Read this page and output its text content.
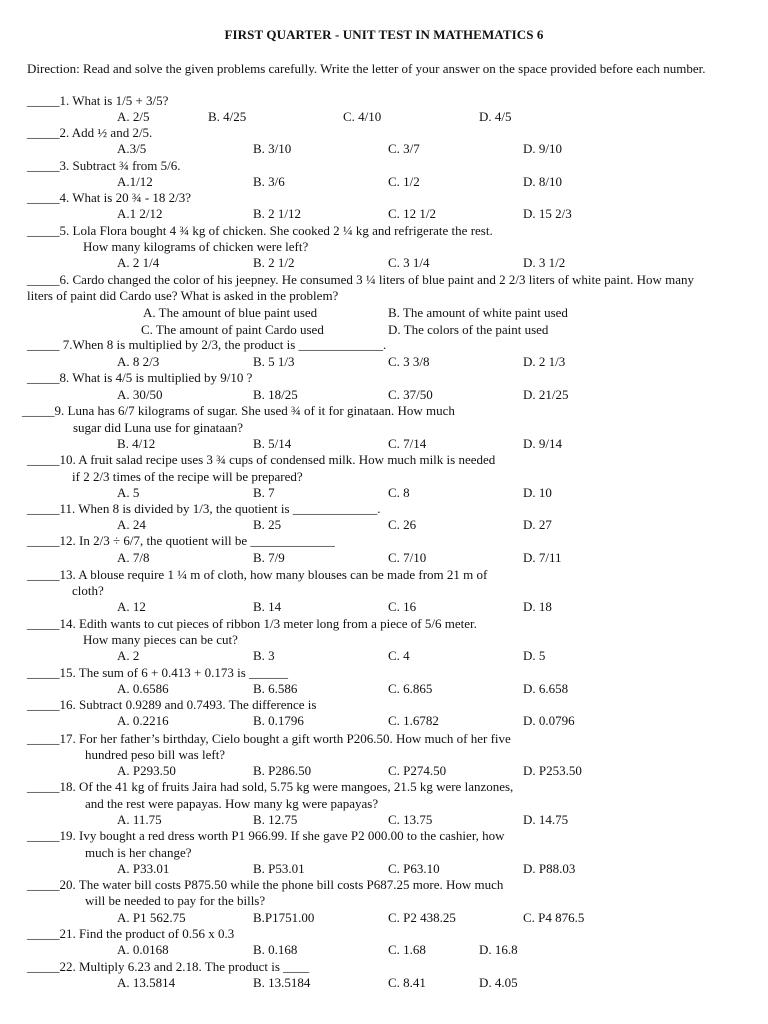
FIRST QUARTER - UNIT TEST IN MATHEMATICS 6
Direction: Read and solve the given problems carefully. Write the letter of your answer on the space provided before each number.
_____1. What is 1/5 + 3/5?
A. 2/5	B. 4/25	C. 4/10	D. 4/5
_____2. Add ½ and 2/5.
A.3/5	B. 3/10	C. 3/7	D. 9/10
_____3. Subtract ¾ from 5/6.
A.1/12	B. 3/6	C. 1/2	D. 8/10
_____4. What is 20 ¾ - 18 2/3?
A.1 2/12	B. 2 1/12	C. 12 1/2	D. 15 2/3
_____5. Lola Flora bought 4 ¾ kg of chicken. She cooked 2 ¼ kg and refrigerate the rest.
How many kilograms of chicken were left?
A. 2 1/4	B. 2 1/2	C. 3 1/4	D. 3 1/2
_____6. Cardo changed the color of his jeepney. He consumed 3 ¼ liters of blue paint and 2 2/3 liters of white paint. How many
liters of paint did Cardo use? What is asked in the problem?
A. The amount of blue paint used	B. The amount of white paint used
C. The amount of paint Cardo used	D. The colors of the paint used
_____ 7.When 8 is multiplied by 2/3, the product is _____________.
A. 8 2/3	B. 5 1/3	C. 3 3/8	D. 2 1/3
_____8. What is 4/5 is multiplied by 9/10 ?
A. 30/50	B. 18/25	C. 37/50	D. 21/25
_____9. Luna has 6/7 kilograms of sugar. She used ¾ of it for ginataan. How much
sugar did Luna use for ginataan?
B. 4/12	B. 5/14	C. 7/14	D. 9/14
_____10. A fruit salad recipe uses 3 ¾ cups of condensed milk. How much milk is needed
if 2 2/3 times of the recipe will be prepared?
A. 5	B. 7	C. 8	D. 10
_____11. When 8 is divided by 1/3, the quotient is _____________.
A. 24	B. 25	C. 26	D. 27
_____12. In 2/3 ÷ 6/7, the quotient will be _____________
A. 7/8	B. 7/9	C. 7/10	D. 7/11
_____13. A blouse require 1 ¼ m of cloth, how many blouses can be made from 21 m of
cloth?
A. 12	B. 14	C. 16	D. 18
_____14. Edith wants to cut pieces of ribbon 1/3 meter long from a piece of 5/6 meter.
How many pieces can be cut?
A. 2	B. 3	C. 4	D. 5
_____15. The sum of 6 + 0.413 + 0.173 is ______
A. 0.6586	B. 6.586	C. 6.865	D. 6.658
_____16. Subtract 0.9289 and 0.7493. The difference is
A. 0.2216	B. 0.1796	C. 1.6782	D. 0.0796
_____17. For her father’s birthday, Cielo bought a gift worth P206.50. How much of her five
hundred peso bill was left?
A. P293.50	B. P286.50	C. P274.50	D. P253.50
_____18. Of the 41 kg of fruits Jaira had sold, 5.75 kg were mangoes, 21.5 kg were lanzones,
and the rest were papayas. How many kg were papayas?
A. 11.75	B. 12.75	C. 13.75	D. 14.75
_____19. Ivy bought a red dress worth P1 966.99. If she gave P2 000.00 to the cashier, how
much is her change?
A. P33.01	B. P53.01	C. P63.10	D. P88.03
_____20. The water bill costs P875.50 while the phone bill costs P687.25 more. How much
will be needed to pay for the bills?
A. P1 562.75	B.P1751.00	C. P2 438.25	C. P4 876.5
_____21. Find the product of 0.56 x 0.3
A. 0.0168	B. 0.168	C. 1.68	D. 16.8
_____22. Multiply 6.23 and 2.18. The product is ____
A. 13.5814	B. 13.5184	C. 8.41	D. 4.05
